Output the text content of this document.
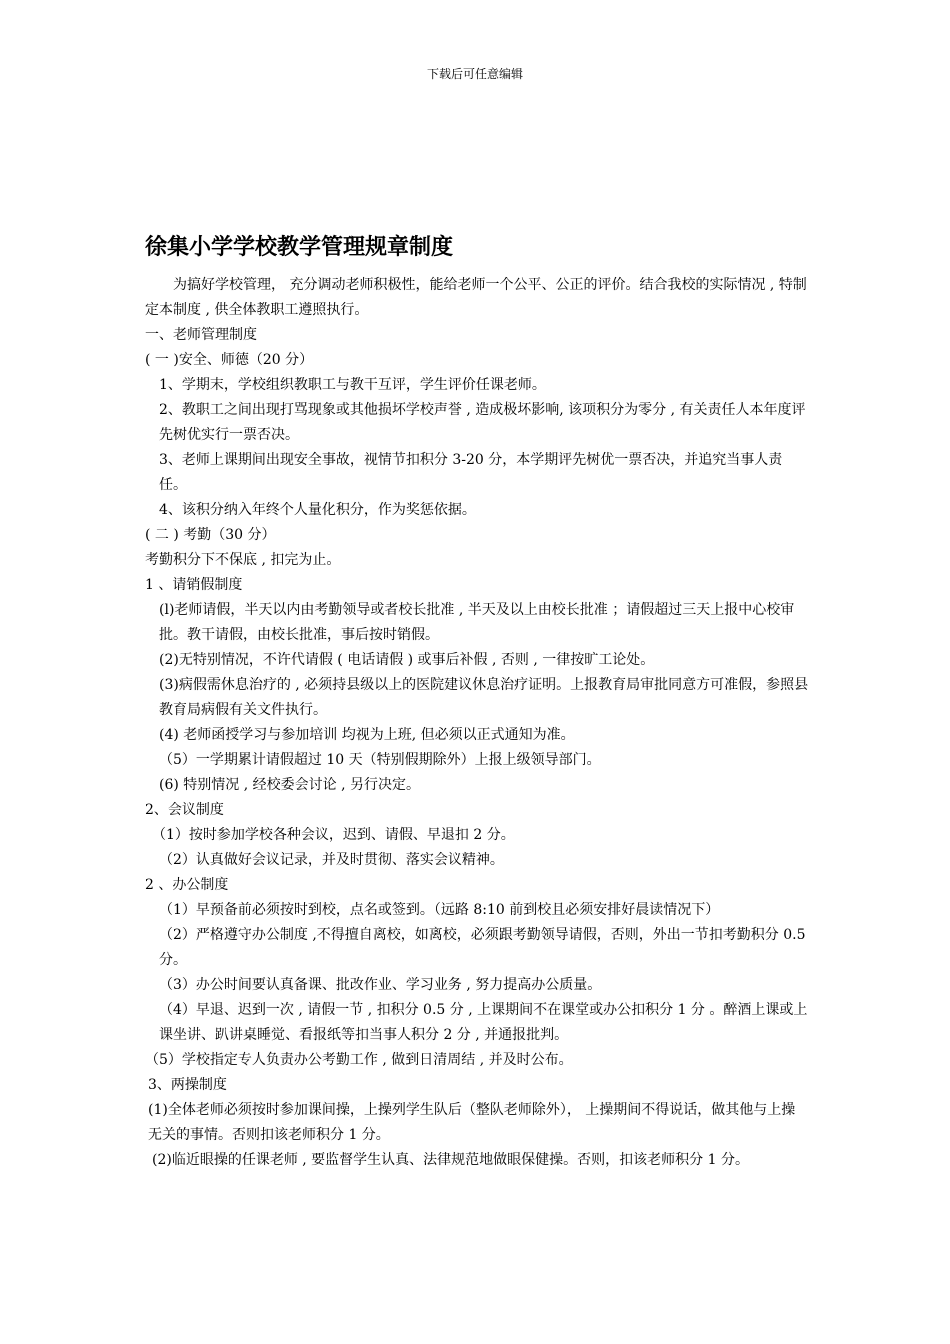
下载后可任意编辑
徐集小学学校教学管理规章制度

为搞好学校管理， 充分调动老师积极性，能给老师一个公平、公正的评价。结合我校的实际情况 , 特制定本制度 , 供全体教职工遵照执行。

一、老师管理制度

( 一 )安全、师德（20 分）

1、学期末，学校组织教职工与教干互评，学生评价任课老师。

2、教职工之间出现打骂现象或其他损坏学校声誉 , 造成极坏影响, 该项积分为零分 , 有关责任人本年度评先树优实行一票否决。

3、老师上课期间出现安全事故，视情节扣积分 3-20 分，本学期评先树优一票否决，并追究当事人责任。

4、该积分纳入年终个人量化积分，作为奖惩依据。

( 二 ) 考勤（30 分）

考勤积分下不保底 , 扣完为止。

1 、请销假制度

(l)老师请假，半天以内由考勤领导或者校长批准 , 半天及以上由校长批准 ；请假超过三天上报中心校审批。教干请假，由校长批准，事后按时销假。

(2)无特别情况，不许代请假 ( 电话请假 ) 或事后补假 , 否则 , 一律按旷工论处。

(3)病假需休息治疗的 , 必须持县级以上的医院建议休息治疗证明。上报教育局审批同意方可准假，参照县教育局病假有关文件执行。

(4) 老师函授学习与参加培训 均视为上班, 但必须以正式通知为准。

（5）一学期累计请假超过 10 天（特别假期除外）上报上级领导部门。

(6) 特别情况 , 经校委会讨论 , 另行决定。

2、会议制度

（1）按时参加学校各种会议，迟到、请假、早退扣 2 分。

（2）认真做好会议记录，并及时贯彻、落实会议精神。

2 、办公制度

（1）早预备前必须按时到校，点名或签到。（远路 8:10 前到校且必须安排好晨读情况下）

（2）严格遵守办公制度 ,不得擅自离校，如离校，必须跟考勤领导请假，否则，外出一节扣考勤积分 0.5 分。

（3）办公时间要认真备课、批改作业、学习业务 , 努力提高办公质量。

（4）早退、迟到一次 , 请假一节 , 扣积分 0.5 分 , 上课期间不在课堂或办公扣积分 1 分 。醉酒上课或上课坐讲、趴讲桌睡觉、看报纸等扣当事人积分 2 分 , 并通报批判。

（5）学校指定专人负责办公考勤工作 , 做到日清周结 , 并及时公布。

3、两操制度

(1)全体老师必须按时参加课间操，上操列学生队后（整队老师除外）， 上操期间不得说话，做其他与上操无关的事情。否则扣该老师积分 1 分。

(2)临近眼操的任课老师 , 要监督学生认真、法律规范地做眼保健操。否则，扣该老师积分 1 分。
